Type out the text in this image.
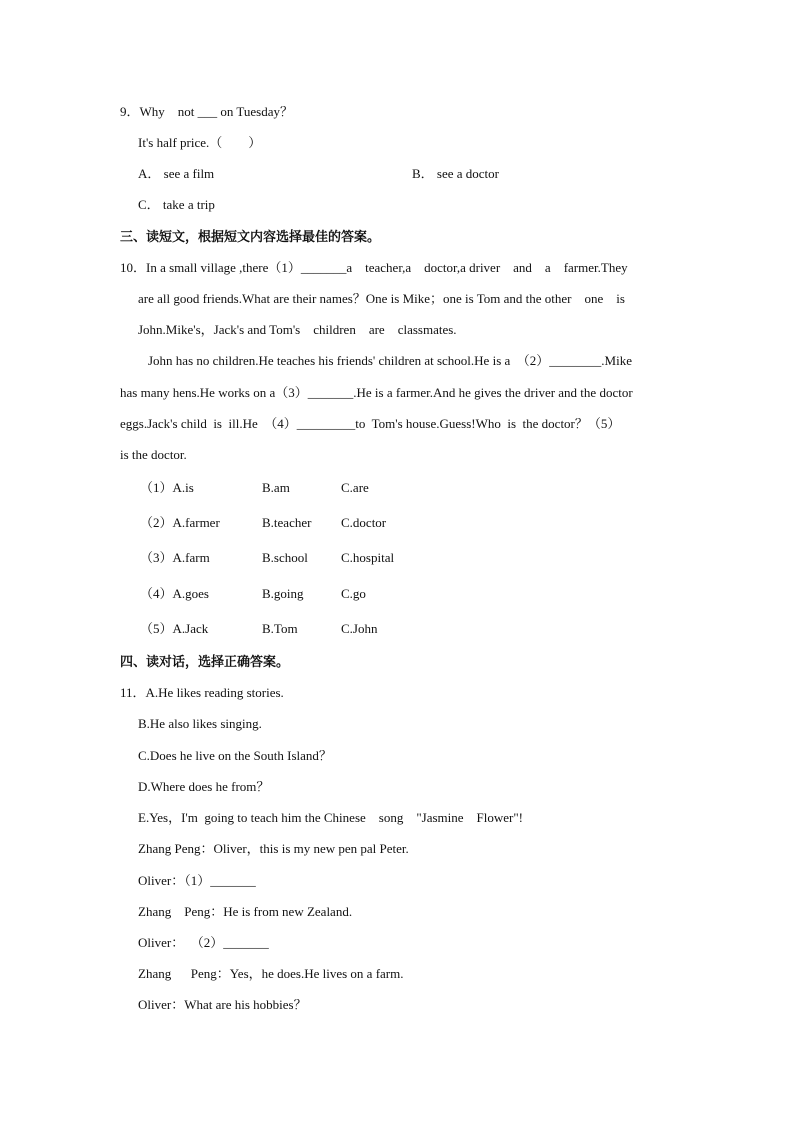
9．Why    not ___ on Tuesday？
It's half price.（        ）
A． see a film	B． see a doctor
C． take a trip
三、读短文，根据短文内容选择最佳的答案。
10．In a small village ,there（1）_______a    teacher,a    doctor,a driver    and    a    farmer.They
are all good friends.What are their names？One is Mike；one is Tom and the other    one    is
John.Mike's，Jack's and Tom's    children    are    classmates.
John has no children.He teaches his friends' children at school.He is a  （2）________.Mike
has many hens.He works on a（3）_______.He is a farmer.And he gives the driver and the doctor
eggs.Jack's child  is  ill.He  （4）_________to  Tom's house.Guess!Who  is  the doctor？（5）
is the doctor.
（1）A.is	B.am	C.are
（2）A.farmer	B.teacher C.doctor
（3）A.farm	B.school	C.hospital
（4）A.goes	B.going	C.go
（5）A.Jack	B.Tom	C.John
四、读对话，选择正确答案。
11．A.He likes reading stories.
B.He also likes singing.
C.Does he live on the South Island？
D.Where does he from？
E.Yes，I'm  going to teach him the Chinese    song    "Jasmine    Flower"!
Zhang Peng：Oliver，this is my new pen pal Peter.
Oliver：（1）_______
Zhang    Peng：He is from new Zealand.
Oliver：  （2）_______
Zhang      Peng：Yes，he does.He lives on a farm.
Oliver：What are his hobbies？
